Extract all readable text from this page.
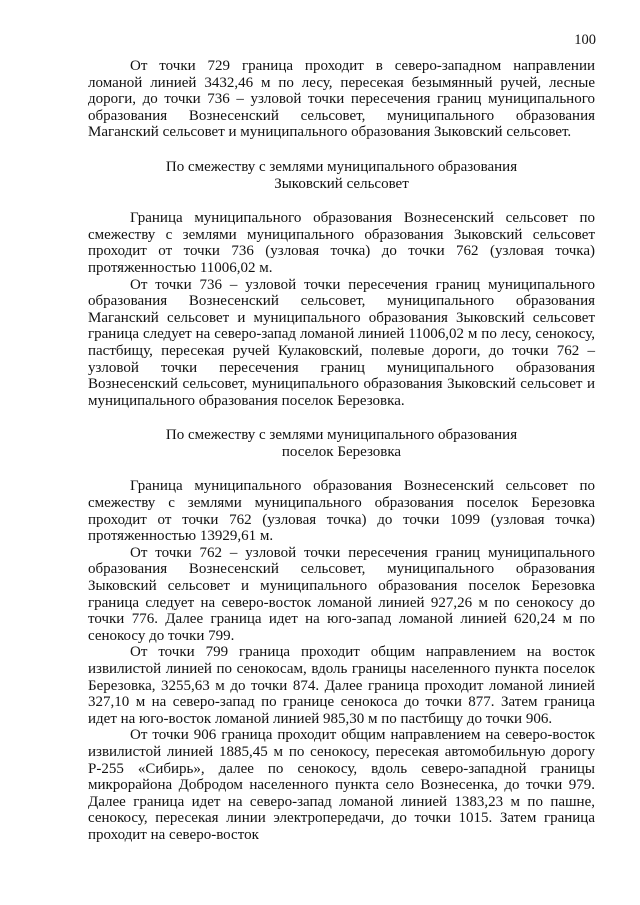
100

От точки 729 граница проходит в северо-западном направлении ломаной линией 3432,46 м по лесу, пересекая безымянный ручей, лесные дороги, до точки 736 – узловой точки пересечения границ муниципального образования Вознесенский сельсовет, муниципального образования Маганский сельсовет и муниципального образования Зыковский сельсовет.

По смежеству с землями муниципального образования
Зыковский сельсовет

Граница муниципального образования Вознесенский сельсовет по смежеству с землями муниципального образования Зыковский сельсовет проходит от точки 736 (узловая точка) до точки 762 (узловая точка) протяженностью 11006,02 м.

От точки 736 – узловой точки пересечения границ муниципального образования Вознесенский сельсовет, муниципального образования Маганский сельсовет и муниципального образования Зыковский сельсовет граница следует на северо-запад ломаной линией 11006,02 м по лесу, сенокосу, пастбищу, пересекая ручей Кулаковский, полевые дороги, до точки 762 – узловой точки пересечения границ муниципального образования Вознесенский сельсовет, муниципального образования Зыковский сельсовет и муниципального образования поселок Березовка.

По смежеству с землями муниципального образования
поселок Березовка

Граница муниципального образования Вознесенский сельсовет по смежеству с землями муниципального образования поселок Березовка проходит от точки 762 (узловая точка) до точки 1099 (узловая точка) протяженностью 13929,61 м.

От точки 762 – узловой точки пересечения границ муниципального образования Вознесенский сельсовет, муниципального образования Зыковский сельсовет и муниципального образования поселок Березовка граница следует на северо-восток ломаной линией 927,26 м по сенокосу до точки 776. Далее граница идет на юго-запад ломаной линией 620,24 м по сенокосу до точки 799.

От точки 799 граница проходит общим направлением на восток извилистой линией по сенокосам, вдоль границы населенного пункта поселок Березовка, 3255,63 м до точки 874. Далее граница проходит ломаной линией 327,10 м на северо-запад по границе сенокоса до точки 877. Затем граница идет на юго-восток ломаной линией 985,30 м по пастбищу до точки 906.

От точки 906 граница проходит общим направлением на северо-восток извилистой линией 1885,45 м по сенокосу, пересекая автомобильную дорогу Р-255 «Сибирь», далее по сенокосу, вдоль северо-западной границы микрорайона Добродом населенного пункта село Вознесенка, до точки 979. Далее граница идет на северо-запад ломаной линией 1383,23 м по пашне, сенокосу, пересекая линии электропередачи, до точки 1015. Затем граница проходит на северо-восток
